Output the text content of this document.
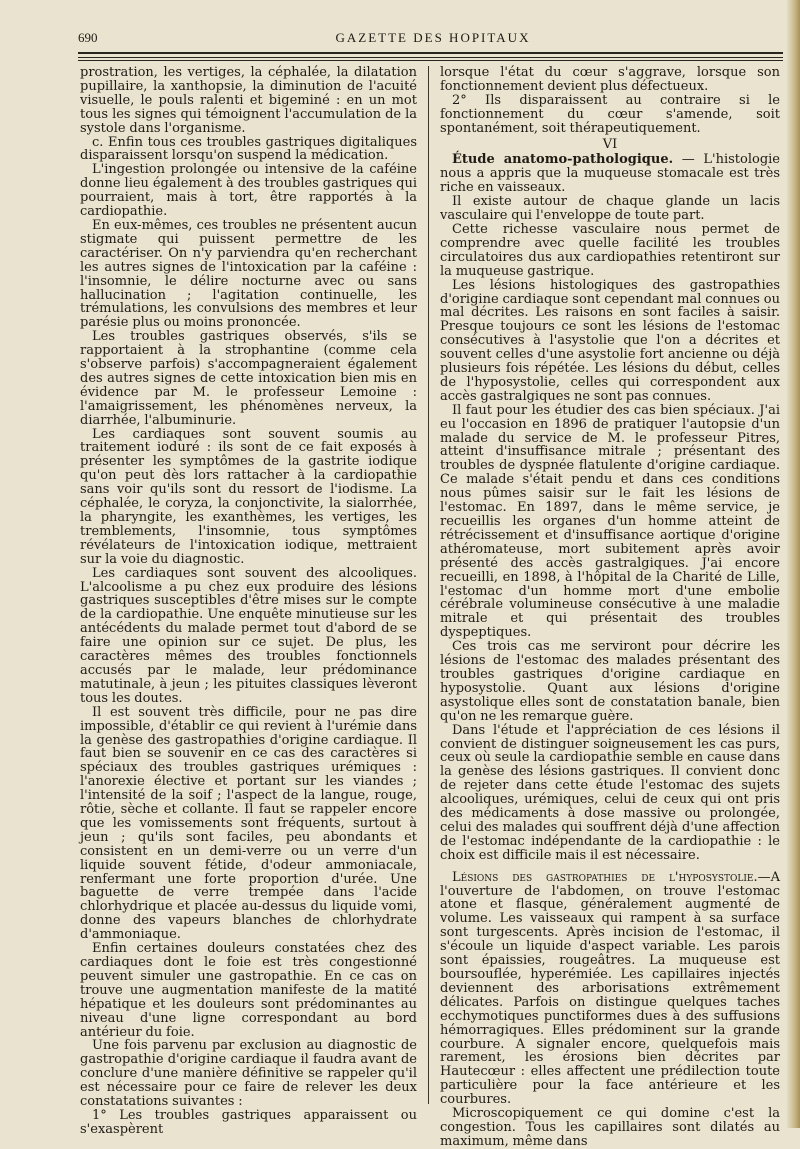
690	GAZETTE DES HOPITAUX

prostration, les vertiges, la céphalée, la dilatation pupillaire, la xanthopsie, la diminution de l'acuité visuelle, le pouls ralenti et bigeminé : en un mot tous les signes qui témoignent l'accumulation de la systole dans l'organisme.

c. Enfin tous ces troubles gastriques digitaliques disparaissent lorsqu'on suspend la médication.

L'ingestion prolongée ou intensive de la caféine donne lieu également à des troubles gastriques qui pourraient, mais à tort, être rapportés à la cardiopathie.

En eux-mêmes, ces troubles ne présentent aucun stigmate qui puissent permettre de les caractériser. On n'y parviendra qu'en recherchant les autres signes de l'intoxication par la caféine : l'insomnie, le délire nocturne avec ou sans hallucination ; l'agitation continuelle, les trémulations, les convulsions des membres et leur parésie plus ou moins prononcée.

Les troubles gastriques observés, s'ils se rapportaient à la strophantine (comme cela s'observe parfois) s'accompagneraient également des autres signes de cette intoxication bien mis en évidence par M. le professeur Lemoine : l'amaigrissement, les phénomènes nerveux, la diarrhée, l'albuminurie.

Les cardiaques sont souvent soumis au traitement ioduré : ils sont de ce fait exposés à présenter les symptômes de la gastrite iodique qu'on peut dès lors rattacher à la cardiopathie sans voir qu'ils sont du ressort de l'iodisme. La céphalée, le coryza, la conjonctivite, la sialorrhée, la pharyngite, les exanthèmes, les vertiges, les tremblements, l'insomnie, tous symptômes révélateurs de l'intoxication iodique, mettraient sur la voie du diagnostic.

Les cardiaques sont souvent des alcooliques. L'alcoolisme a pu chez eux produire des lésions gastriques susceptibles d'être mises sur le compte de la cardiopathie. Une enquête minutieuse sur les antécédents du malade permet tout d'abord de se faire une opinion sur ce sujet. De plus, les caractères mêmes des troubles fonctionnels accusés par le malade, leur prédominance matutinale, à jeun ; les pituites classiques lèveront tous les doutes.

Il est souvent très difficile, pour ne pas dire impossible, d'établir ce qui revient à l'urémie dans la genèse des gastropathies d'origine cardiaque. Il faut bien se souvenir en ce cas des caractères si spéciaux des troubles gastriques urémiques : l'anorexie élective et portant sur les viandes ; l'intensité de la soif ; l'aspect de la langue, rouge, rôtie, sèche et collante. Il faut se rappeler encore que les vomissements sont fréquents, surtout à jeun ; qu'ils sont faciles, peu abondants et consistent en un demi-verre ou un verre d'un liquide souvent fétide, d'odeur ammoniacale, renfermant une forte proportion d'urée. Une baguette de verre trempée dans l'acide chlorhydrique et placée au-dessus du liquide vomi, donne des vapeurs blanches de chlorhydrate d'ammoniaque.

Enfin certaines douleurs constatées chez des cardiaques dont le foie est très congestionné peuvent simuler une gastropathie. En ce cas on trouve une augmentation manifeste de la matité hépatique et les douleurs sont prédominantes au niveau d'une ligne correspondant au bord antérieur du foie.

Une fois parvenu par exclusion au diagnostic de gastropathie d'origine cardiaque il faudra avant de conclure d'une manière définitive se rappeler qu'il est nécessaire pour ce faire de relever les deux constatations suivantes :

1° Les troubles gastriques apparaissent ou s'exaspèrent

lorsque l'état du cœur s'aggrave, lorsque son fonctionnement devient plus défectueux.

2° Ils disparaissent au contraire si le fonctionnement du cœur s'amende, soit spontanément, soit thérapeutiquement.

VI

Étude anatomo-pathologique. — L'histologie nous a appris que la muqueuse stomacale est très riche en vaisseaux.

Il existe autour de chaque glande un lacis vasculaire qui l'enveloppe de toute part.

Cette richesse vasculaire nous permet de comprendre avec quelle facilité les troubles circulatoires dus aux cardiopathies retentiront sur la muqueuse gastrique.

Les lésions histologiques des gastropathies d'origine cardiaque sont cependant mal connues ou mal décrites. Les raisons en sont faciles à saisir. Presque toujours ce sont les lésions de l'estomac consécutives à l'asystolie que l'on a décrites et souvent celles d'une asystolie fort ancienne ou déjà plusieurs fois répétée. Les lésions du début, celles de l'hyposystolie, celles qui correspondent aux accès gastralgiques ne sont pas connues.

Il faut pour les étudier des cas bien spéciaux. J'ai eu l'occasion en 1896 de pratiquer l'autopsie d'un malade du service de M. le professeur Pitres, atteint d'insuffisance mitrale ; présentant des troubles de dyspnée flatulente d'origine cardiaque. Ce malade s'était pendu et dans ces conditions nous pûmes saisir sur le fait les lésions de l'estomac. En 1897, dans le même service, je recueillis les organes d'un homme atteint de rétrécissement et d'insuffisance aortique d'origine athéromateuse, mort subitement après avoir présenté des accès gastralgiques. J'ai encore recueilli, en 1898, à l'hôpital de la Charité de Lille, l'estomac d'un homme mort d'une embolie cérébrale volumineuse consécutive à une maladie mitrale et qui présentait des troubles dyspeptiques.

Ces trois cas me serviront pour décrire les lésions de l'estomac des malades présentant des troubles gastriques d'origine cardiaque en hyposystolie. Quant aux lésions d'origine asystolique elles sont de constatation banale, bien qu'on ne les remarque guère.

Dans l'étude et l'appréciation de ces lésions il convient de distinguer soigneusement les cas purs, ceux où seule la cardiopathie semble en cause dans la genèse des lésions gastriques. Il convient donc de rejeter dans cette étude l'estomac des sujets alcooliques, urémiques, celui de ceux qui ont pris des médicaments à dose massive ou prolongée, celui des malades qui souffrent déjà d'une affection de l'estomac indépendante de la cardiopathie : le choix est difficile mais il est nécessaire.

Lésions des gastropathies de l'hyposystolie.—A l'ouverture de l'abdomen, on trouve l'estomac atone et flasque, généralement augmenté de volume. Les vaisseaux qui rampent à sa surface sont turgescents. Après incision de l'estomac, il s'écoule un liquide d'aspect variable. Les parois sont épaissies, rougeâtres. La muqueuse est boursouflée, hyperémiée. Les capillaires injectés deviennent des arborisations extrêmement délicates. Parfois on distingue quelques taches ecchymotiques punctiformes dues à des suffusions hémorragiques. Elles prédominent sur la grande courbure. A signaler encore, quelquefois mais rarement, les érosions bien décrites par Hautecœur : elles affectent une prédilection toute particulière pour la face antérieure et les courbures.

Microscopiquement ce qui domine c'est la congestion. Tous les capillaires sont dilatés au maximum, même dans
